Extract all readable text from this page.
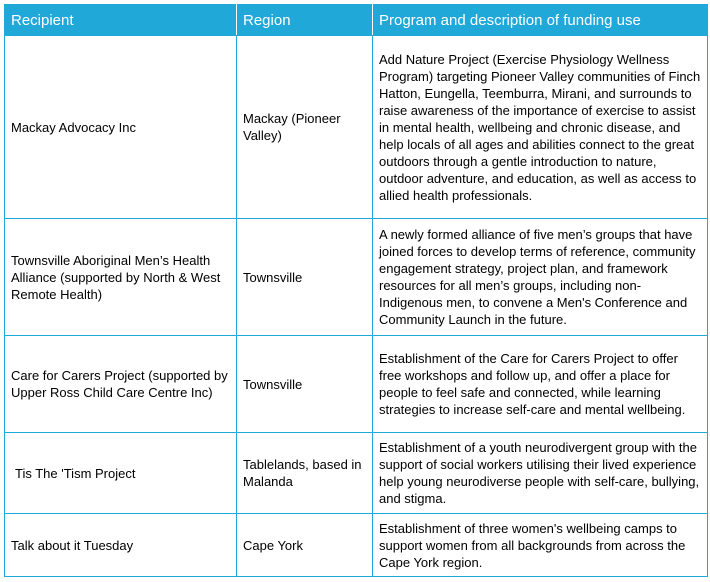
Recipient	Region	Program and description of funding use
Mackay Advocacy Inc	Mackay (Pioneer Valley)	Add Nature Project (Exercise Physiology Wellness Program) targeting Pioneer Valley communities of Finch Hatton, Eungella, Teemburra, Mirani, and surrounds to raise awareness of the importance of exercise to assist in mental health, wellbeing and chronic disease, and help locals of all ages and abilities connect to the great outdoors through a gentle introduction to nature, outdoor adventure, and education, as well as access to allied health professionals.
Townsville Aboriginal Men’s Health Alliance (supported by North & West Remote Health)	Townsville	A newly formed alliance of five men’s groups that have joined forces to develop terms of reference, community engagement strategy, project plan, and framework resources for all men’s groups, including non-Indigenous men, to convene a Men's Conference and Community Launch in the future.
Care for Carers Project (supported by Upper Ross Child Care Centre Inc)	Townsville	Establishment of the Care for Carers Project to offer free workshops and follow up, and offer a place for people to feel safe and connected, while learning strategies to increase self-care and mental wellbeing.
Tis The 'Tism Project	Tablelands, based in Malanda	Establishment of a youth neurodivergent group with the support of social workers utilising their lived experience help young neurodiverse people with self-care, bullying, and stigma.
Talk about it Tuesday	Cape York	Establishment of three women's wellbeing camps to support women from all backgrounds from across the Cape York region.
